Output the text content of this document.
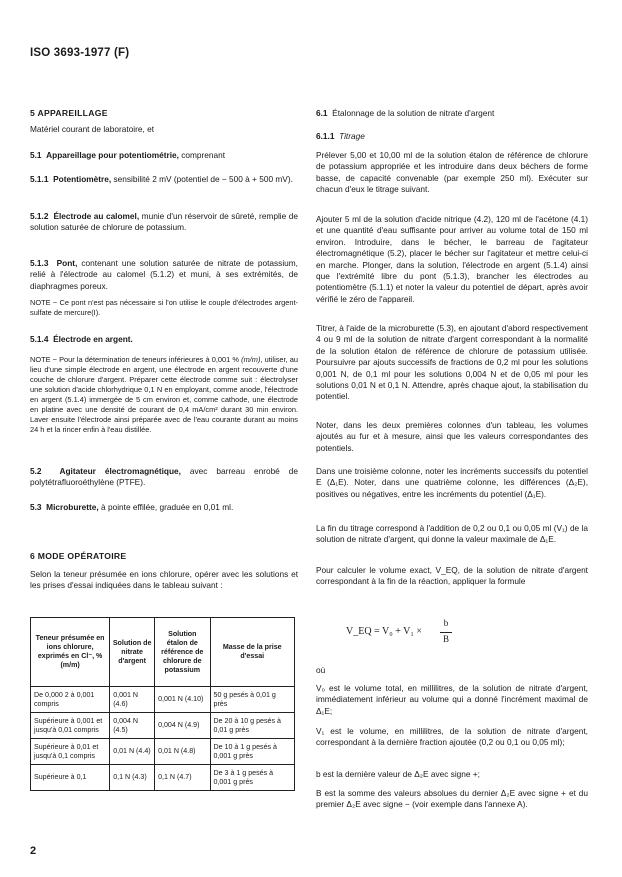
ISO 3693-1977 (F)
5 APPAREILLAGE

Matériel courant de laboratoire, et

5.1 Appareillage pour potentiométrie, comprenant

5.1.1 Potentiomètre, sensibilité 2 mV (potentiel de − 500 à + 500 mV).

5.1.2 Électrode au calomel, munie d'un réservoir de sûreté, remplie de solution saturée de chlorure de potassium.

5.1.3 Pont, contenant une solution saturée de nitrate de potassium, relié à l'électrode au calomel (5.1.2) et muni, à ses extrémités, de diaphragmes poreux.

NOTE − Ce pont n'est pas nécessaire si l'on utilise le couple d'électrodes argent-sulfate de mercure(I).

5.1.4 Électrode en argent.

NOTE − Pour la détermination de teneurs inférieures à 0,001 % (m/m), utiliser, au lieu d'une simple électrode en argent, une électrode en argent recouverte d'une couche de chlorure d'argent. Préparer cette électrode comme suit : électrolyser une solution d'acide chlorhydrique 0,1 N en employant, comme anode, l'électrode en argent (5.1.4) immergée de 5 cm environ et, comme cathode, une électrode en platine avec une densité de courant de 0,4 mA/cm² durant 30 min environ. Laver ensuite l'électrode ainsi préparée avec de l'eau courante durant au moins 24 h et la rincer enfin à l'eau distillée.

5.2 Agitateur électromagnétique, avec barreau enrobé de polytétrafluoroéthylène (PTFE).

5.3 Microburette, à pointe effilée, graduée en 0,01 ml.

6 MODE OPÉRATOIRE

Selon la teneur présumée en ions chlorure, opérer avec les solutions et les prises d'essai indiquées dans le tableau suivant :

Teneur présumée en ions chlorure, exprimés en Cl⁻, % (m/m)	Solution de nitrate d'argent	Solution étalon de référence de chlorure de potassium	Masse de la prise d'essai
De 0,000 2 à 0,001 compris	0,001 N (4.6)	0,001 N (4.10)	50 g pesés à 0,01 g près
Supérieure à 0,001 et jusqu'à 0,01 compris	0,004 N (4.5)	0,004 N (4.9)	De 20 à 10 g pesés à 0,01 g près
Supérieure à 0,01 et jusqu'à 0,1 compris	0,01 N (4.4)	0,01 N (4.8)	De 10 à 1 g pesés à 0,001 g près
Supérieure à 0,1	0,1 N (4.3)	0,1 N (4.7)	De 3 à 1 g pesés à 0,001 g près

6.1 Étalonnage de la solution de nitrate d'argent

6.1.1 Titrage

Prélever 5,00 et 10,00 ml de la solution étalon de référence de chlorure de potassium appropriée et les introduire dans deux béchers de forme basse, de capacité convenable (par exemple 250 ml). Exécuter sur chacun d'eux le titrage suivant.

Ajouter 5 ml de la solution d'acide nitrique (4.2), 120 ml de l'acétone (4.1) et une quantité d'eau suffisante pour arriver au volume total de 150 ml environ. Introduire, dans le bécher, le barreau de l'agitateur électromagnétique (5.2), placer le bécher sur l'agitateur et mettre celui-ci en marche. Plonger, dans la solution, l'électrode en argent (5.1.4) ainsi que l'extrémité libre du pont (5.1.3), brancher les électrodes au potentiomètre (5.1.1) et noter la valeur du potentiel de départ, après avoir vérifié le zéro de l'appareil.

Titrer, à l'aide de la microburette (5.3), en ajoutant d'abord respectivement 4 ou 9 ml de la solution de nitrate d'argent correspondant à la normalité de la solution étalon de référence de chlorure de potassium utilisée. Poursuivre par ajouts successifs de fractions de 0,2 ml pour les solutions 0,001 N, de 0,1 ml pour les solutions 0,004 N et de 0,05 ml pour les solutions 0,01 N et 0,1 N. Attendre, après chaque ajout, la stabilisation du potentiel.

Noter, dans les deux premières colonnes d'un tableau, les volumes ajoutés au fur et à mesure, ainsi que les valeurs correspondantes des potentiels.

Dans une troisième colonne, noter les incréments successifs du potentiel E (Δ₁E). Noter, dans une quatrième colonne, les différences (Δ₂E), positives ou négatives, entre les incréments du potentiel (Δ₁E).

La fin du titrage correspond à l'addition de 0,2 ou 0,1 ou 0,05 ml (V₁) de la solution de nitrate d'argent, qui donne la valeur maximale de Δ₁E.

Pour calculer le volume exact, V_EQ, de la solution de nitrate d'argent correspondant à la fin de la réaction, appliquer la formule

où

V₀ est le volume total, en millilitres, de la solution de nitrate d'argent, immédiatement inférieur au volume qui a donné l'incrément maximal de Δ₁E;

V₁ est le volume, en millilitres, de la solution de nitrate d'argent, correspondant à la dernière fraction ajoutée (0,2 ou 0,1 ou 0,05 ml);

b est la dernière valeur de Δ₂E avec signe +;

B est la somme des valeurs absolues du dernier Δ₂E avec signe + et du premier Δ₂E avec signe − (voir exemple dans l'annexe A).

V_EQ = V₀ + V₁ ×
b
B
2
